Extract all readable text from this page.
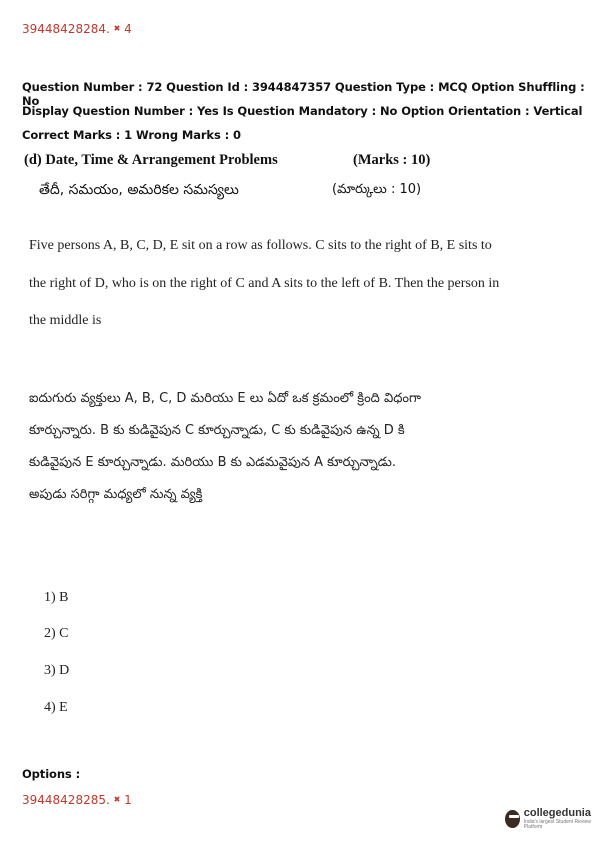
39448428284. ✖ 4
Question Number : 72 Question Id : 3944847357 Question Type : MCQ Option Shuffling : No
Display Question Number : Yes Is Question Mandatory : No Option Orientation : Vertical
Correct Marks : 1 Wrong Marks : 0
(d) Date, Time & Arrangement Problems	(Marks : 10)
తేదీ, సమయం, అమరికల సమస్యలు	(మార్కులు : 10)
Five persons A, B, C, D, E sit on a row as follows. C sits to the right of B, E sits to
the right of D, who is on the right of C and A sits to the left of B. Then the person in
the middle is
ఐదుగురు వ్యక్తులు A, B, C, D మరియు E లు ఏదో ఒక క్రమంలో క్రింది విధంగా
కూర్చున్నారు. B కు కుడివైపున C కూర్చున్నాడు, C కు కుడివైపున ఉన్న D కి
కుడివైపున E కూర్చున్నాడు. మరియు B కు ఎడమవైపున A కూర్చున్నాడు.
అపుడు సరిగ్గా మధ్యలో నున్న వ్యక్తి
1) B
2) C
3) D
4) E
Options :
39448428285. ✖ 1
collegedunia
India's largest Student Review Platform
